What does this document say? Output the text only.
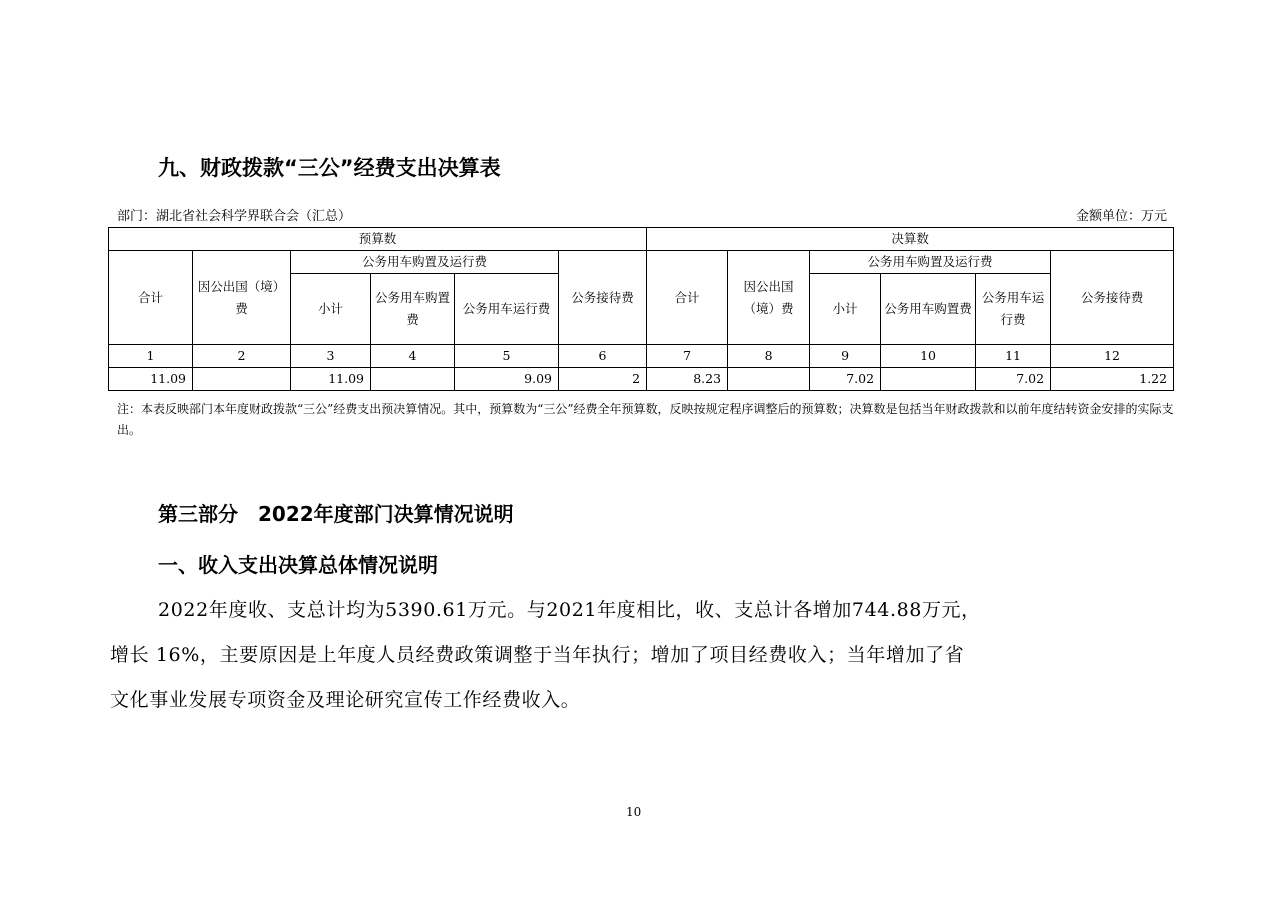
九、财政拨款“三公”经费支出决算表
部门：湖北省社会科学界联合会（汇总）	金额单位：万元
预算数						决算数					
合计	因公出国（境）费	公务用车购置及运行费			公务接待费	合计	因公出国（境）费	公务用车购置及运行费			公务接待费
		小计	公务用车购置费	公务用车运行费				小计	公务用车购置费	公务用车运行费	
1	2	3	4	5	6	7	8	9	10	11	12
11.09		11.09		9.09	2	8.23		7.02		7.02	1.22

注：本表反映部门本年度财政拨款“三公”经费支出预决算情况。其中，预算数为“三公”经费全年预算数，反映按规定程序调整后的预算数；决算数是包括当年财政拨款和以前年度结转资金安排的实际支出。

第三部分　2022年度部门决算情况说明
一、收入支出决算总体情况说明
2022年度收、支总计均为5390.61万元。与2021年度相比，收、支总计各增加744.88万元，
增长 16%，主要原因是上年度人员经费政策调整于当年执行；增加了项目经费收入；当年增加了省
文化事业发展专项资金及理论研究宣传工作经费收入。
10
